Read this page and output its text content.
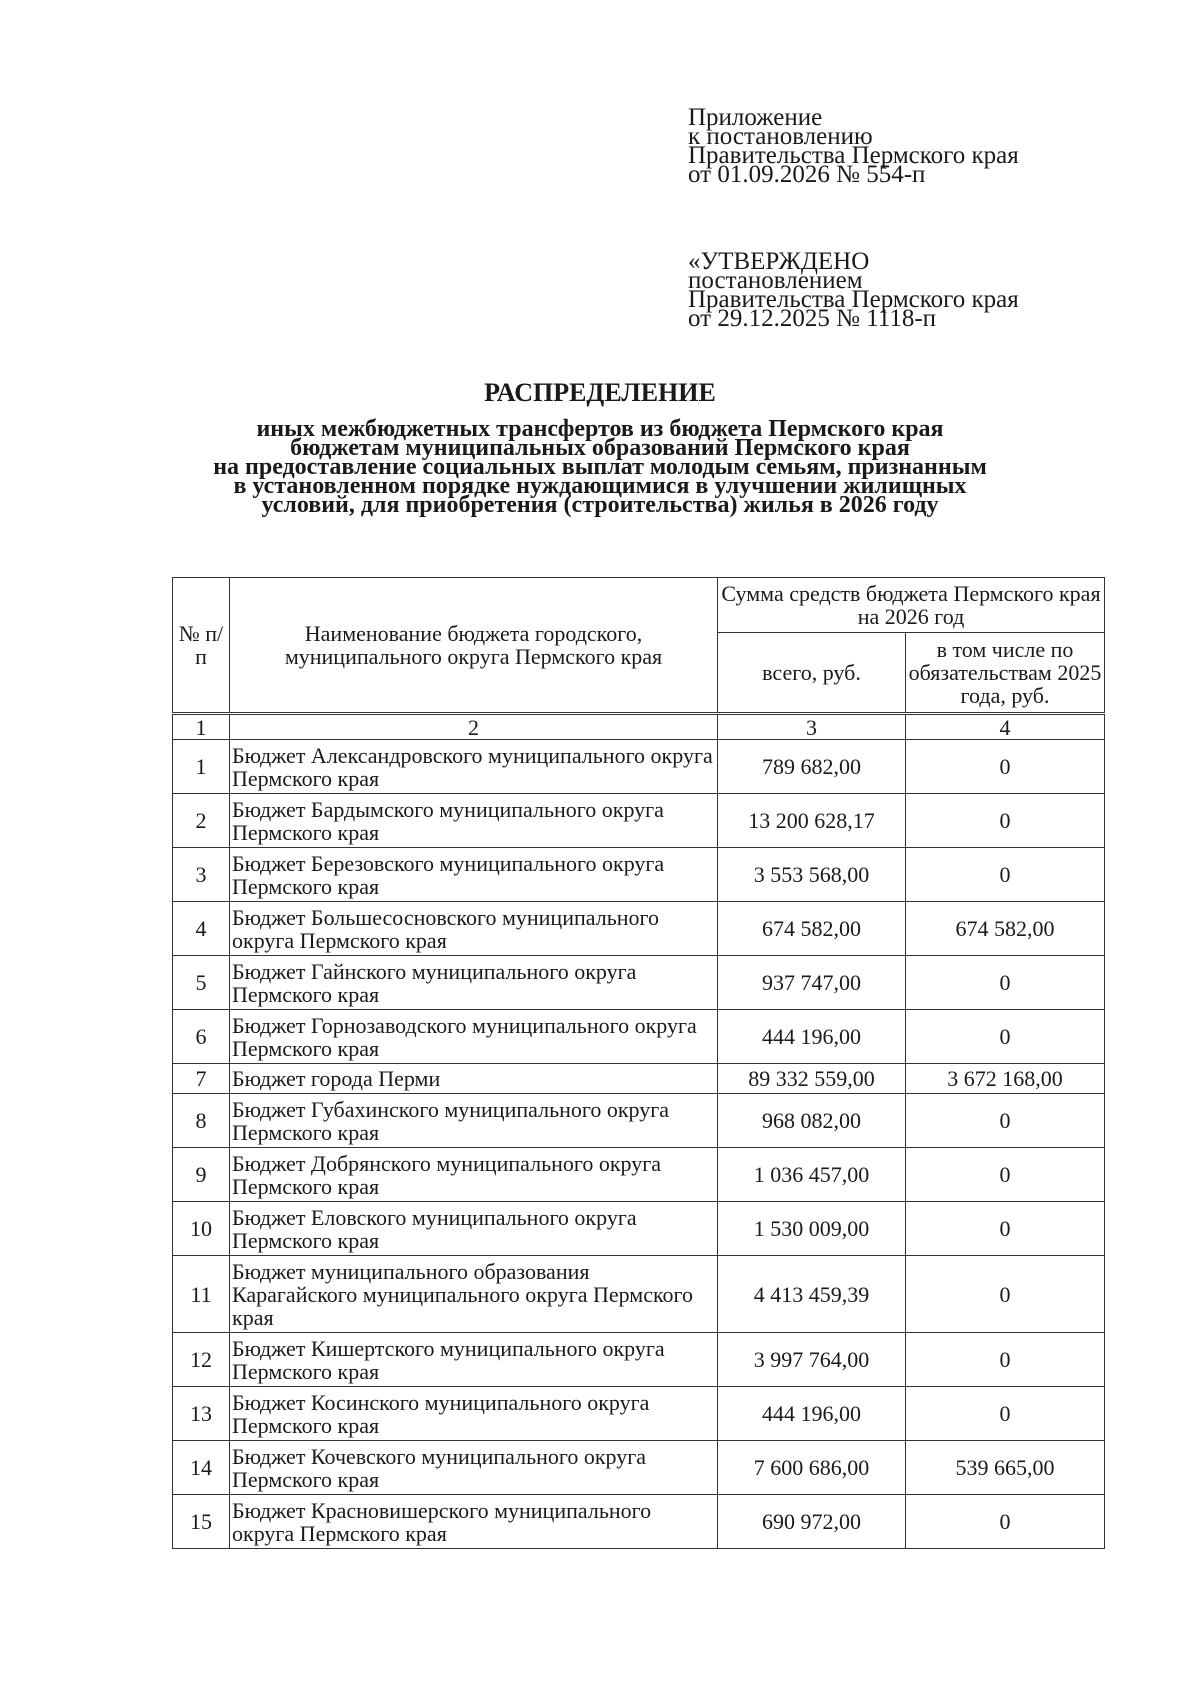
Приложение
к постановлению
Правительства Пермского края
от 01.09.2026 № 554-п
«УТВЕРЖДЕНО
постановлением
Правительства Пермского края
от 29.12.2025 № 1118-п
РАСПРЕДЕЛЕНИЕ
иных межбюджетных трансфертов из бюджета Пермского края
бюджетам муниципальных образований Пермского края
на предоставление социальных выплат молодым семьям, признанным
в установленном порядке нуждающимися в улучшении жилищных
условий, для приобретения (строительства) жилья в 2026 году
№ п/п	Наименование бюджета городского, муниципального округа Пермского края	Сумма средств бюджета Пермского края на 2026 год	
		всего, руб.	в том числе по обязательствам 2025 года, руб.
1	2	3	4
1	Бюджет Александровского муниципального округа Пермского края	789 682,00	0
2	Бюджет Бардымского муниципального округа Пермского края	13 200 628,17	0
3	Бюджет Березовского муниципального округа Пермского края	3 553 568,00	0
4	Бюджет Большесосновского муниципального округа Пермского края	674 582,00	674 582,00
5	Бюджет Гайнского муниципального округа Пермского края	937 747,00	0
6	Бюджет Горнозаводского муниципального округа Пермского края	444 196,00	0
7	Бюджет города Перми	89 332 559,00	3 672 168,00
8	Бюджет Губахинского муниципального округа Пермского края	968 082,00	0
9	Бюджет Добрянского муниципального округа Пермского края	1 036 457,00	0
10	Бюджет Еловского муниципального округа Пермского края	1 530 009,00	0
11	Бюджет муниципального образования Карагайского муниципального округа Пермского края	4 413 459,39	0
12	Бюджет Кишертского муниципального округа Пермского края	3 997 764,00	0
13	Бюджет Косинского муниципального округа Пермского края	444 196,00	0
14	Бюджет Кочевского муниципального округа Пермского края	7 600 686,00	539 665,00
15	Бюджет Красновишерского муниципального округа Пермского края	690 972,00	0
